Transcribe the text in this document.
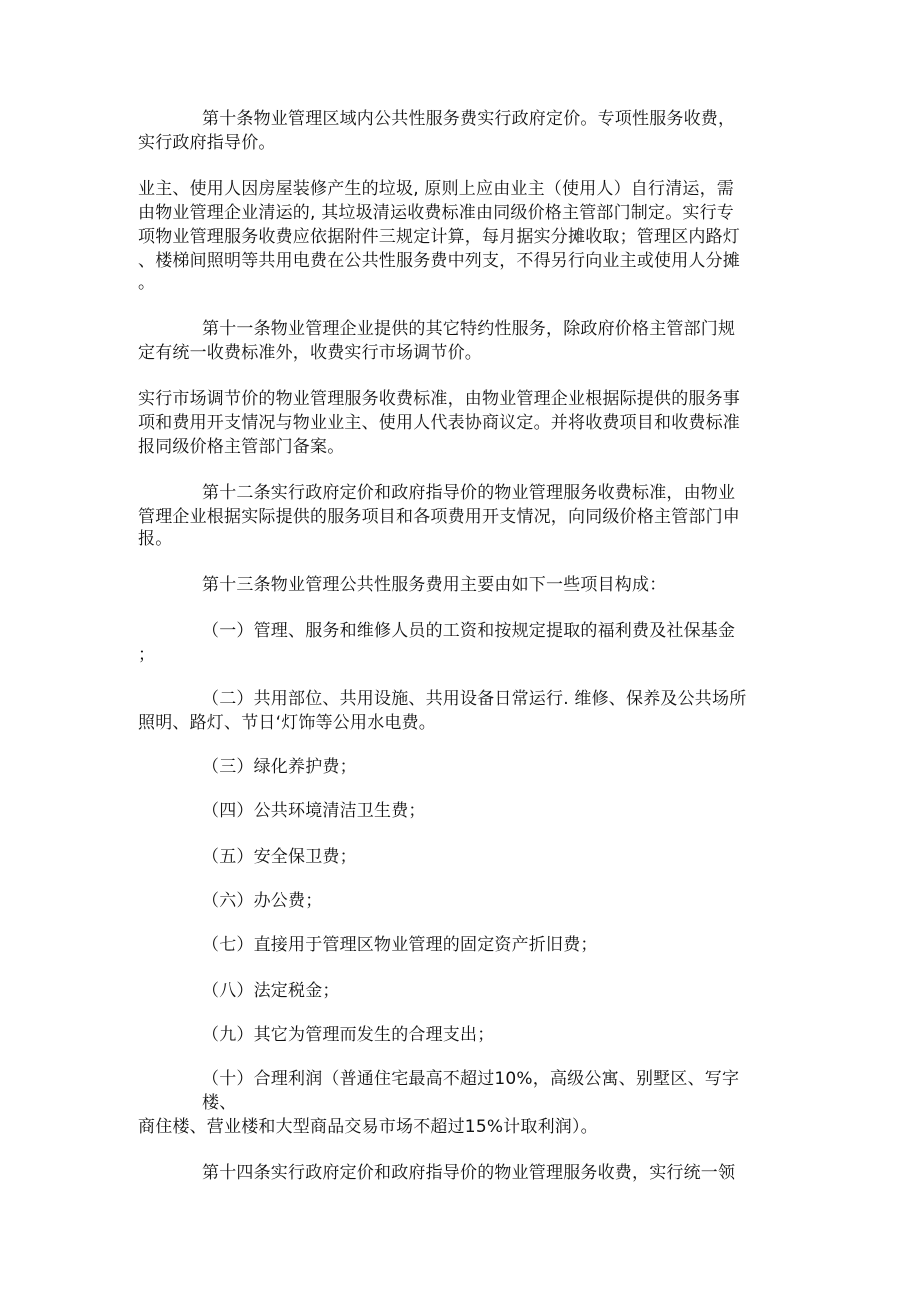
第十条物业管理区域内公共性服务费实行政府定价。专项性服务收费，
实行政府指导价。
业主、使用人因房屋装修产生的垃圾, 原则上应由业主（使用人）自行清运，需
由物业管理企业清运的, 其垃圾清运收费标准由同级价格主管部门制定。实行专
项物业管理服务收费应依据附件三规定计算，每月据实分摊收取；管理区内路灯
、楼梯间照明等共用电费在公共性服务费中列支，不得另行向业主或使用人分摊
。
第十一条物业管理企业提供的其它特约性服务，除政府价格主管部门规
定有统一收费标准外，收费实行市场调节价。
实行市场调节价的物业管理服务收费标准，由物业管理企业根据际提供的服务事
项和费用开支情况与物业业主、使用人代表协商议定。并将收费项目和收费标准
报同级价格主管部门备案。
第十二条实行政府定价和政府指导价的物业管理服务收费标准，由物业
管理企业根据实际提供的服务项目和各项费用开支情况，向同级价格主管部门申
报。
第十三条物业管理公共性服务费用主要由如下一些项目构成：
（一）管理、服务和维修人员的工资和按规定提取的福利费及社保基金
；
（二）共用部位、共用设施、共用设备日常运行. 维修、保养及公共场所
照明、路灯、节日‘灯饰等公用水电费。
（三）绿化养护费；
（四）公共环境清洁卫生费；
（五）安全保卫费；
（六）办公费；
（七）直接用于管理区物业管理的固定资产折旧费；
（八）法定税金；
（九）其它为管理而发生的合理支出；
（十）合理利润（普通住宅最高不超过10%，高级公寓、别墅区、写字
楼、
商住楼、营业楼和大型商品交易市场不超过15%计取利润）。
第十四条实行政府定价和政府指导价的物业管理服务收费，实行统一领
